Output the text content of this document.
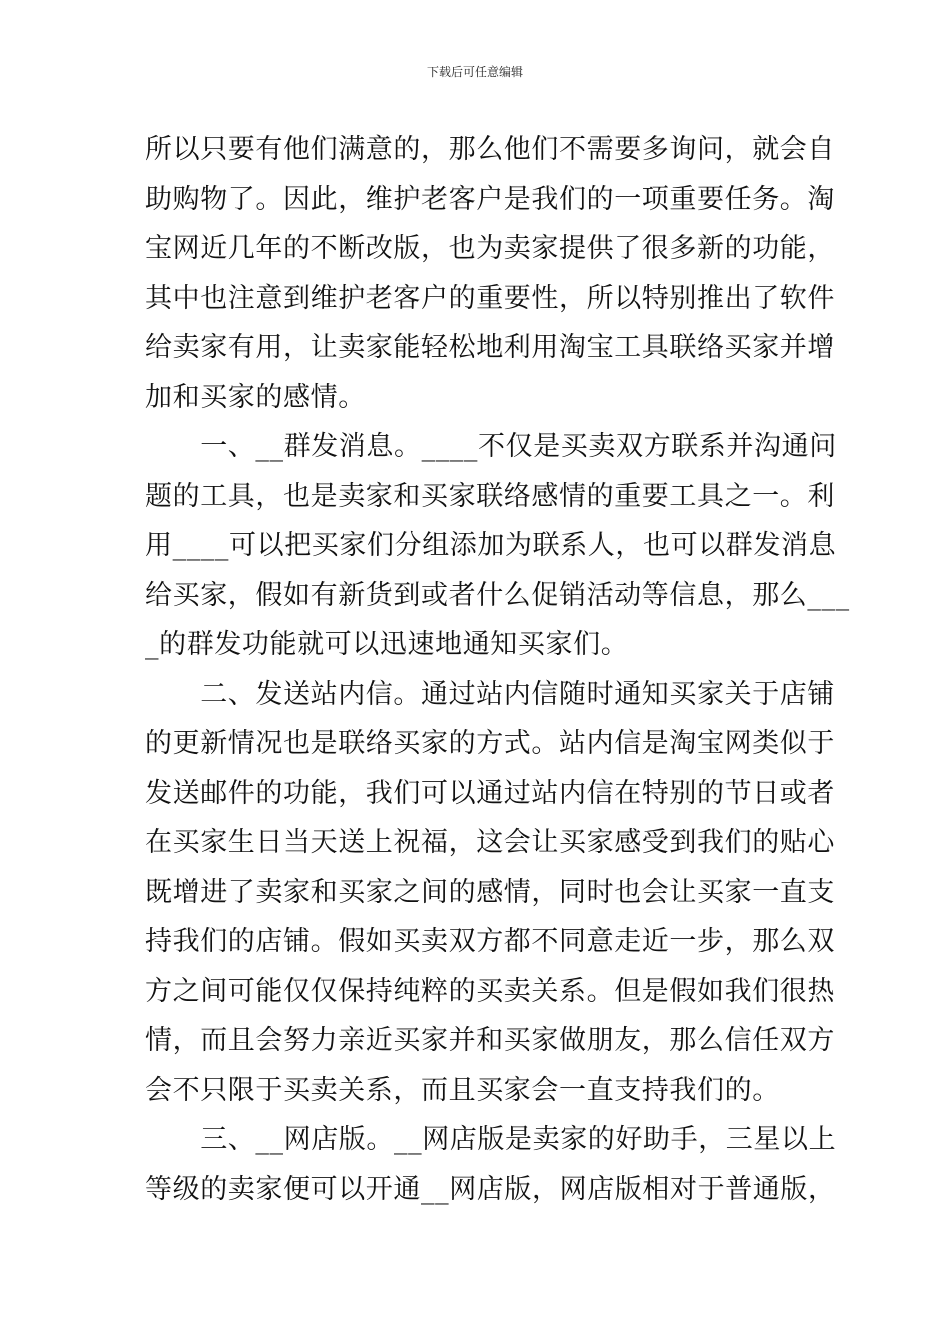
下载后可任意编辑
所以只要有他们满意的，那么他们不需要多询问，就会自
助购物了。因此，维护老客户是我们的一项重要任务。淘
宝网近几年的不断改版，也为卖家提供了很多新的功能，
其中也注意到维护老客户的重要性，所以特别推出了软件
给卖家有用，让卖家能轻松地利用淘宝工具联络买家并增
加和买家的感情。
　　一、__群发消息。____不仅是买卖双方联系并沟通问
题的工具，也是卖家和买家联络感情的重要工具之一。利
用____可以把买家们分组添加为联系人，也可以群发消息
给买家，假如有新货到或者什么促销活动等信息，那么___
_的群发功能就可以迅速地通知买家们。
　　二、发送站内信。通过站内信随时通知买家关于店铺
的更新情况也是联络买家的方式。站内信是淘宝网类似于
发送邮件的功能，我们可以通过站内信在特别的节日或者
在买家生日当天送上祝福，这会让买家感受到我们的贴心
既增进了卖家和买家之间的感情，同时也会让买家一直支
持我们的店铺。假如买卖双方都不同意走近一步，那么双
方之间可能仅仅保持纯粹的买卖关系。但是假如我们很热
情，而且会努力亲近买家并和买家做朋友，那么信任双方
会不只限于买卖关系，而且买家会一直支持我们的。
　　三、__网店版。__网店版是卖家的好助手，三星以上
等级的卖家便可以开通__网店版，网店版相对于普通版，
